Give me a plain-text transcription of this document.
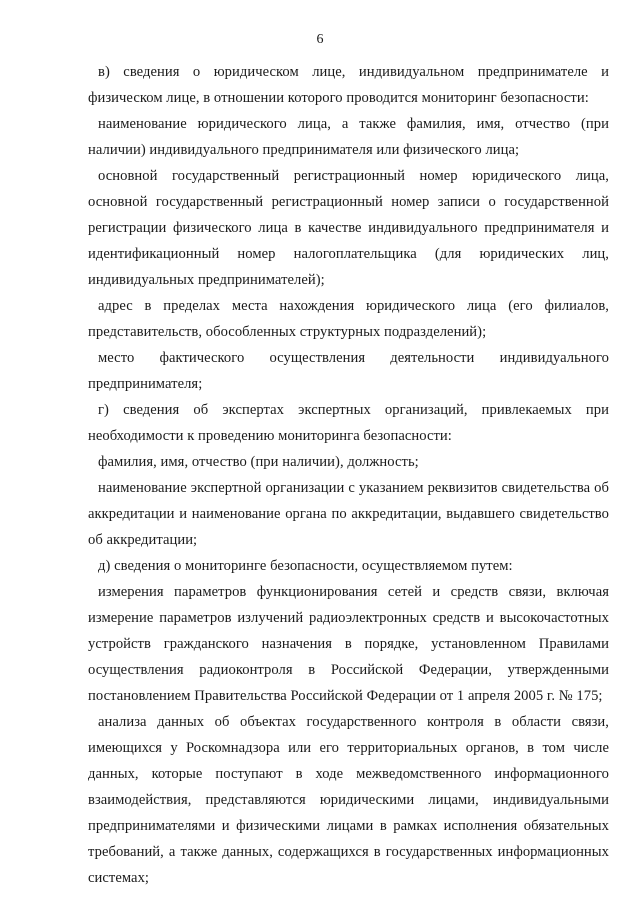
6

в) сведения о юридическом лице, индивидуальном предпринимателе и физическом лице, в отношении которого проводится мониторинг безопасности:

наименование юридического лица, а также фамилия, имя, отчество (при наличии) индивидуального предпринимателя или физического лица;

основной государственный регистрационный номер юридического лица, основной государственный регистрационный номер записи о государственной регистрации физического лица в качестве индивидуального предпринимателя и идентификационный номер налогоплательщика (для юридических лиц, индивидуальных предпринимателей);

адрес в пределах места нахождения юридического лица (его филиалов, представительств, обособленных структурных подразделений);

место фактического осуществления деятельности индивидуального предпринимателя;

г) сведения об экспертах экспертных организаций, привлекаемых при необходимости к проведению мониторинга безопасности:

фамилия, имя, отчество (при наличии), должность;

наименование экспертной организации с указанием реквизитов свидетельства об аккредитации и наименование органа по аккредитации, выдавшего свидетельство об аккредитации;

д) сведения о мониторинге безопасности, осуществляемом путем:

измерения параметров функционирования сетей и средств связи, включая измерение параметров излучений радиоэлектронных средств и высокочастотных устройств гражданского назначения в порядке, установленном Правилами осуществления радиоконтроля в Российской Федерации, утвержденными постановлением Правительства Российской Федерации от 1 апреля 2005 г. № 175;

анализа данных об объектах государственного контроля в области связи, имеющихся у Роскомнадзора или его территориальных органов, в том числе данных, которые поступают в ходе межведомственного информационного взаимодействия, представляются юридическими лицами, индивидуальными предпринимателями и физическими лицами в рамках исполнения обязательных требований, а также данных, содержащихся в государственных информационных системах;
